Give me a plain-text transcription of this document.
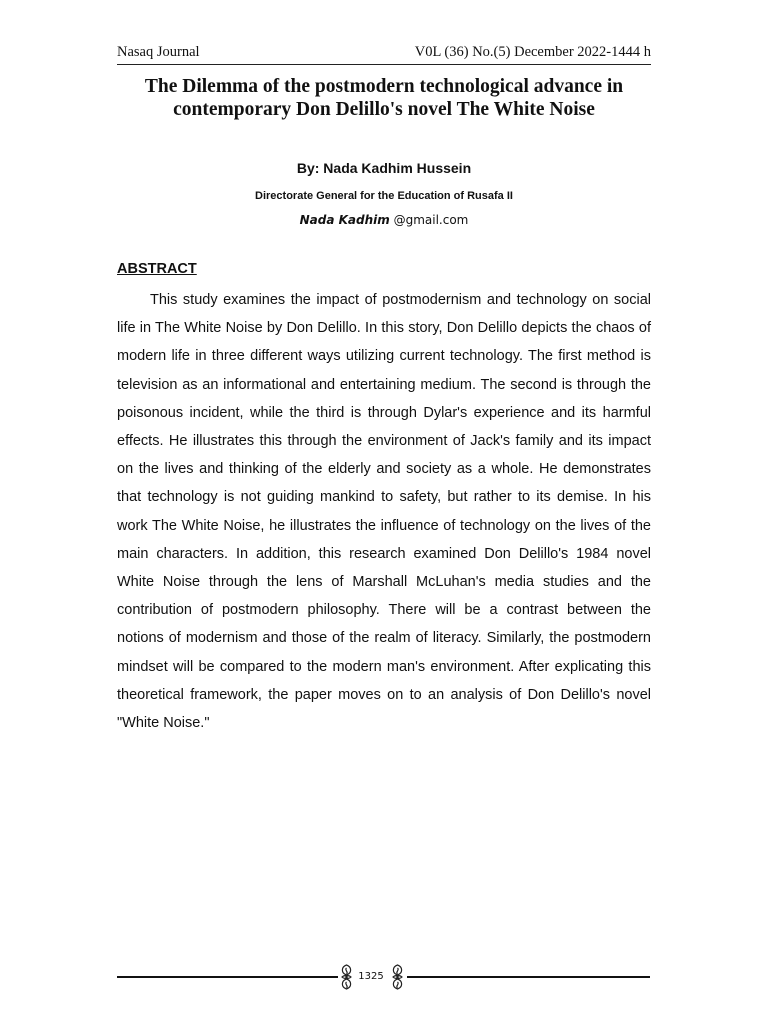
Nasaq Journal	V0L (36) No.(5) December 2022-1444 h
The Dilemma of the postmodern technological advance in
contemporary Don Delillo's novel The White Noise
By: Nada Kadhim Hussein
Directorate General for the Education of Rusafa II
Nada Kadhim @gmail.com
ABSTRACT

This study examines the impact of postmodernism and technology on social life in The White Noise by Don Delillo. In this story, Don Delillo depicts the chaos of modern life in three different ways utilizing current technology. The first method is television as an informational and entertaining medium. The second is through the poisonous incident, while the third is through Dylar's experience and its harmful effects. He illustrates this through the environment of Jack's family and its impact on the lives and thinking of the elderly and society as a whole. He demonstrates that technology is not guiding mankind to safety, but rather to its demise. In his work The White Noise, he illustrates the influence of technology on the lives of the main characters. In addition, this research examined Don Delillo's 1984 novel White Noise through the lens of Marshall McLuhan's media studies and the contribution of postmodern philosophy. There will be a contrast between the notions of modernism and those of the realm of literacy. Similarly, the postmodern mindset will be compared to the modern man's environment. After explicating this theoretical framework, the paper moves on to an analysis of Don Delillo's novel "White Noise."

1325
